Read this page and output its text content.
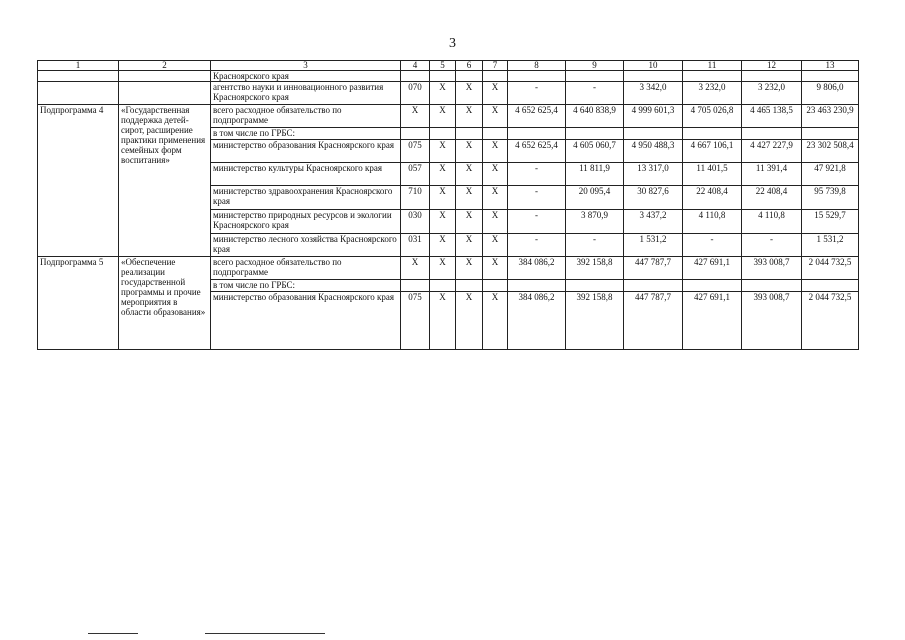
3
1	2	3	4	5	6	7	8	9	10	11	12	13
		Красноярского края										
		агентство науки и инновационного развития Красноярского края	070	Х	Х	Х	-	-	3 342,0	3 232,0	3 232,0	9 806,0
Подпрограмма 4	«Государственная поддержка детей-сирот, расширение практики применения семейных форм воспитания»	всего расходное обязательство по подпрограмме	Х	Х	Х	Х	4 652 625,4	4 640 838,9	4 999 601,3	4 705 026,8	4 465 138,5	23 463 230,9
		в том числе по ГРБС:										
		министерство образования Красноярского края	075	Х	Х	Х	4 652 625,4	4 605 060,7	4 950 488,3	4 667 106,1	4 427 227,9	23 302 508,4
		министерство культуры Красноярского края	057	Х	Х	Х	-	11 811,9	13 317,0	11 401,5	11 391,4	47 921,8
		министерство здравоохранения Красноярского края	710	Х	Х	Х	-	20 095,4	30 827,6	22 408,4	22 408,4	95 739,8
		министерство природных ресурсов и экологии Красноярского края	030	Х	Х	Х	-	3 870,9	3 437,2	4 110,8	4 110,8	15 529,7
		министерство лесного хозяйства Красноярского края	031	Х	Х	Х	-	-	1 531,2	-	-	1 531,2
Подпрограмма 5	«Обеспечение реализации государственной программы и прочие мероприятия в области образования»	всего расходное обязательство по подпрограмме	Х	Х	Х	Х	384 086,2	392 158,8	447 787,7	427 691,1	393 008,7	2 044 732,5
		в том числе по ГРБС:										
		министерство образования Красноярского края	075	Х	Х	Х	384 086,2	392 158,8	447 787,7	427 691,1	393 008,7	2 044 732,5
